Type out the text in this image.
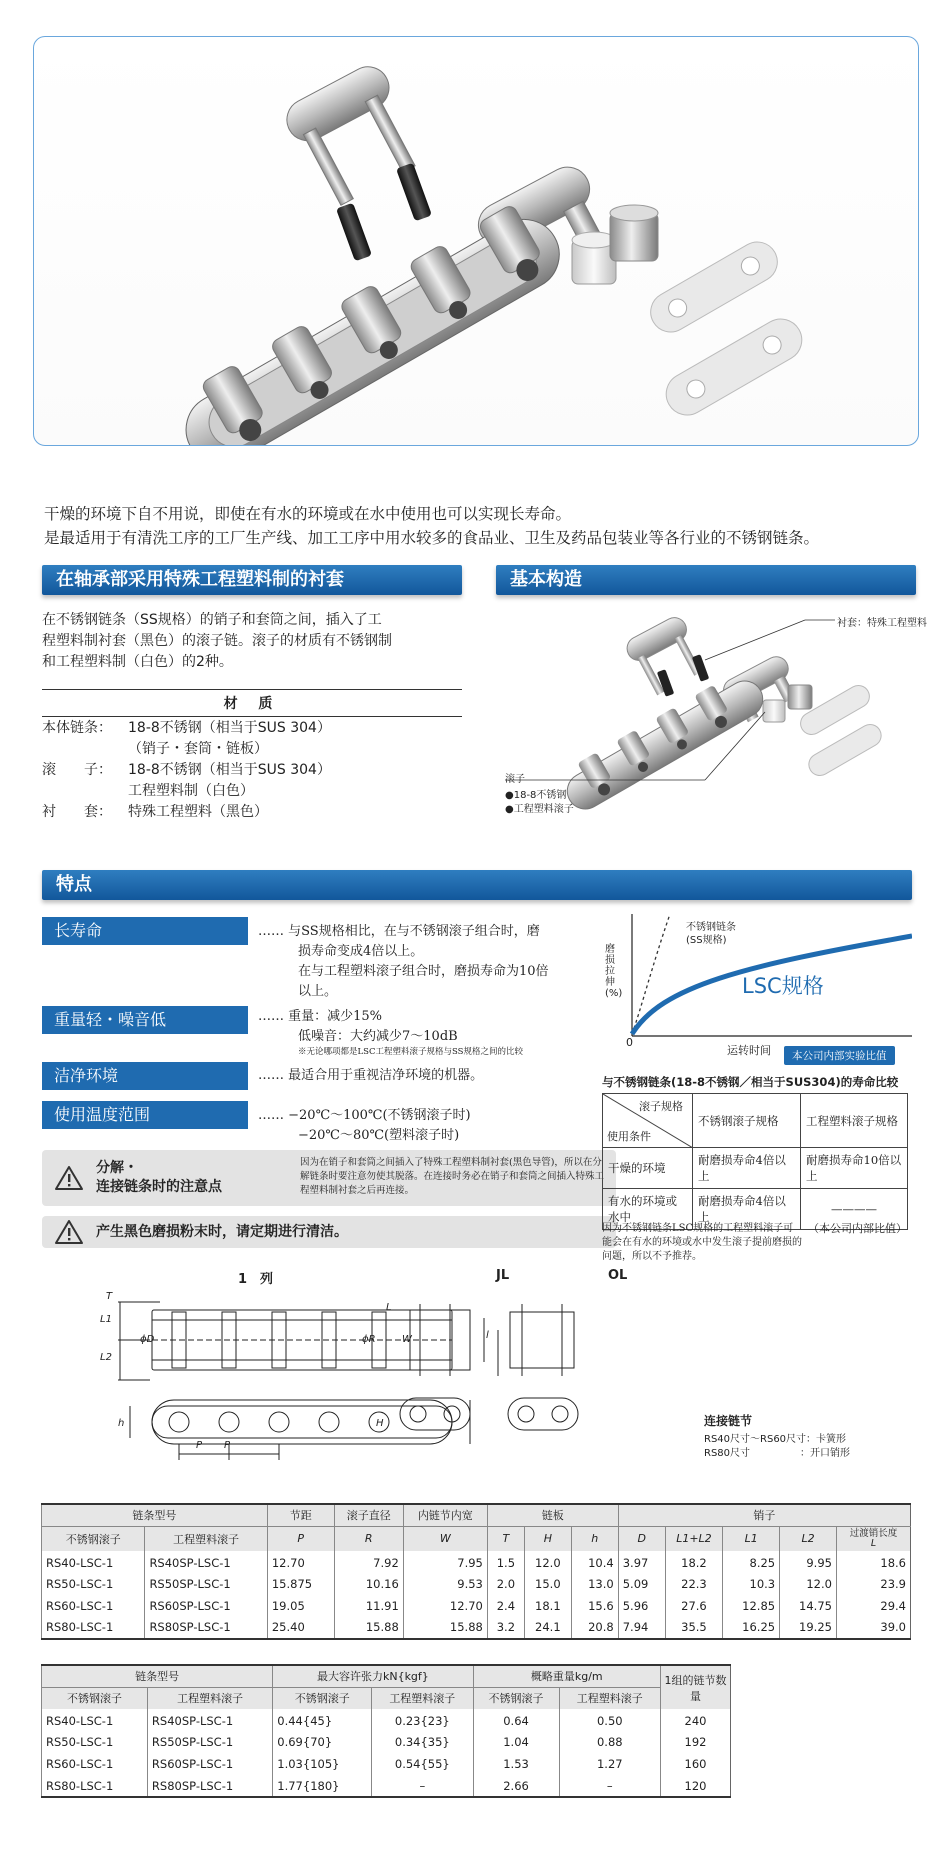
干燥的环境下自不用说，即使在有水的环境或在水中使用也可以实现长寿命。
是最适用于有清洗工序的工厂生产线、加工工序中用水较多的食品业、卫生及药品包装业等各行业的不锈钢链条。
在轴承部采用特殊工程塑料制的衬套
在不锈钢链条（SS规格）的销子和套筒之间，插入了工
程塑料制衬套（黑色）的滚子链。滚子的材质有不锈钢制
和工程塑料制（白色）的2种。
材 质
本体链条：	18-8不锈钢（相当于SUS 304）
（销子・套筒・链板）
滚　　子：	18-8不锈钢（相当于SUS 304）
工程塑料制（白色）
衬　　套：	特殊工程塑料（黑色）
基本构造
衬套：特殊工程塑料
滚子
●18-8不锈钢
●工程塑料滚子
特点
长寿命	…… 与SS规格相比，在与不锈钢滚子组合时，磨
损寿命变成4倍以上。
在与工程塑料滚子组合时，磨损寿命为10倍
以上。
重量轻・噪音低	…… 重量：减少15%
低噪音：大约减少7～10dB
※无论哪项都是LSC工程塑料滚子规格与SS规格之间的比较
洁净环境	…… 最适合用于重视洁净环境的机器。
使用温度范围	…… −20℃～100℃(不锈钢滚子时)
−20℃～80℃(塑料滚子时)
分解・
连接链条时的注意点
因为在销子和套筒之间插入了特殊工程塑料制衬套(黑色导管)，所以在分解链条时要注意勿使其脱落。在连接时务必在销子和套筒之间插入特殊工程塑料制衬套之后再连接。
产生黑色磨损粉末时，请定期进行清洁。
磨损拉伸(%)
0
运转时间
不锈钢链条
(SS规格)
LSC规格
本公司内部实验比值
与不锈钢链条(18-8不锈钢／相当于SUS304)的寿命比较
滚子规格
使用条件	不锈钢滚子规格	工程塑料滚子规格
干燥的环境	耐磨损寿命4倍以上	耐磨损寿命10倍以上
有水的环境或水中	耐磨损寿命4倍以上	————
因为不锈钢链条LSC规格的工程塑料滚子可能会在有水的环境或水中发生滚子提前磨损的问题，所以不予推荐。
（本公司内部比值）
1　列	JL	OL
T
L1
L2
ϕD	ϕR	W
L
h	H
P P
l
连接链节
RS40尺寸～RS60尺寸：卡簧形
RS80尺寸　　　　　：开口销形
链条型号		节距	滚子直径	内链节内宽	链板			销子				
不锈钢滚子	工程塑料滚子	P	R	W	T	H	h	D	L1+L2	L1	L2	过渡销长度
L

RS40-LSC-1	RS40SP-LSC-1	12.70	7.92	7.95	1.5	12.0	10.4	3.97	18.2	8.25	9.95	18.6
RS50-LSC-1	RS50SP-LSC-1	15.875	10.16	9.53	2.0	15.0	13.0	5.09	22.3	10.3	12.0	23.9
RS60-LSC-1	RS60SP-LSC-1	19.05	11.91	12.70	2.4	18.1	15.6	5.96	27.6	12.85	14.75	29.4
RS80-LSC-1	RS80SP-LSC-1	25.40	15.88	15.88	3.2	24.1	20.8	7.94	35.5	16.25	19.25	39.0
链条型号		最大容许张力kN{kgf}		概略重量kg/m		1组的链节数量
不锈钢滚子	工程塑料滚子	不锈钢滚子	工程塑料滚子	不锈钢滚子	工程塑料滚子	
RS40-LSC-1	RS40SP-LSC-1	0.44{45}	0.23{23}	0.64	0.50	240
RS50-LSC-1	RS50SP-LSC-1	0.69{70}	0.34{35}	1.04	0.88	192
RS60-LSC-1	RS60SP-LSC-1	1.03{105}	0.54{55}	1.53	1.27	160
RS80-LSC-1	RS80SP-LSC-1	1.77{180}	–	2.66	–	120
